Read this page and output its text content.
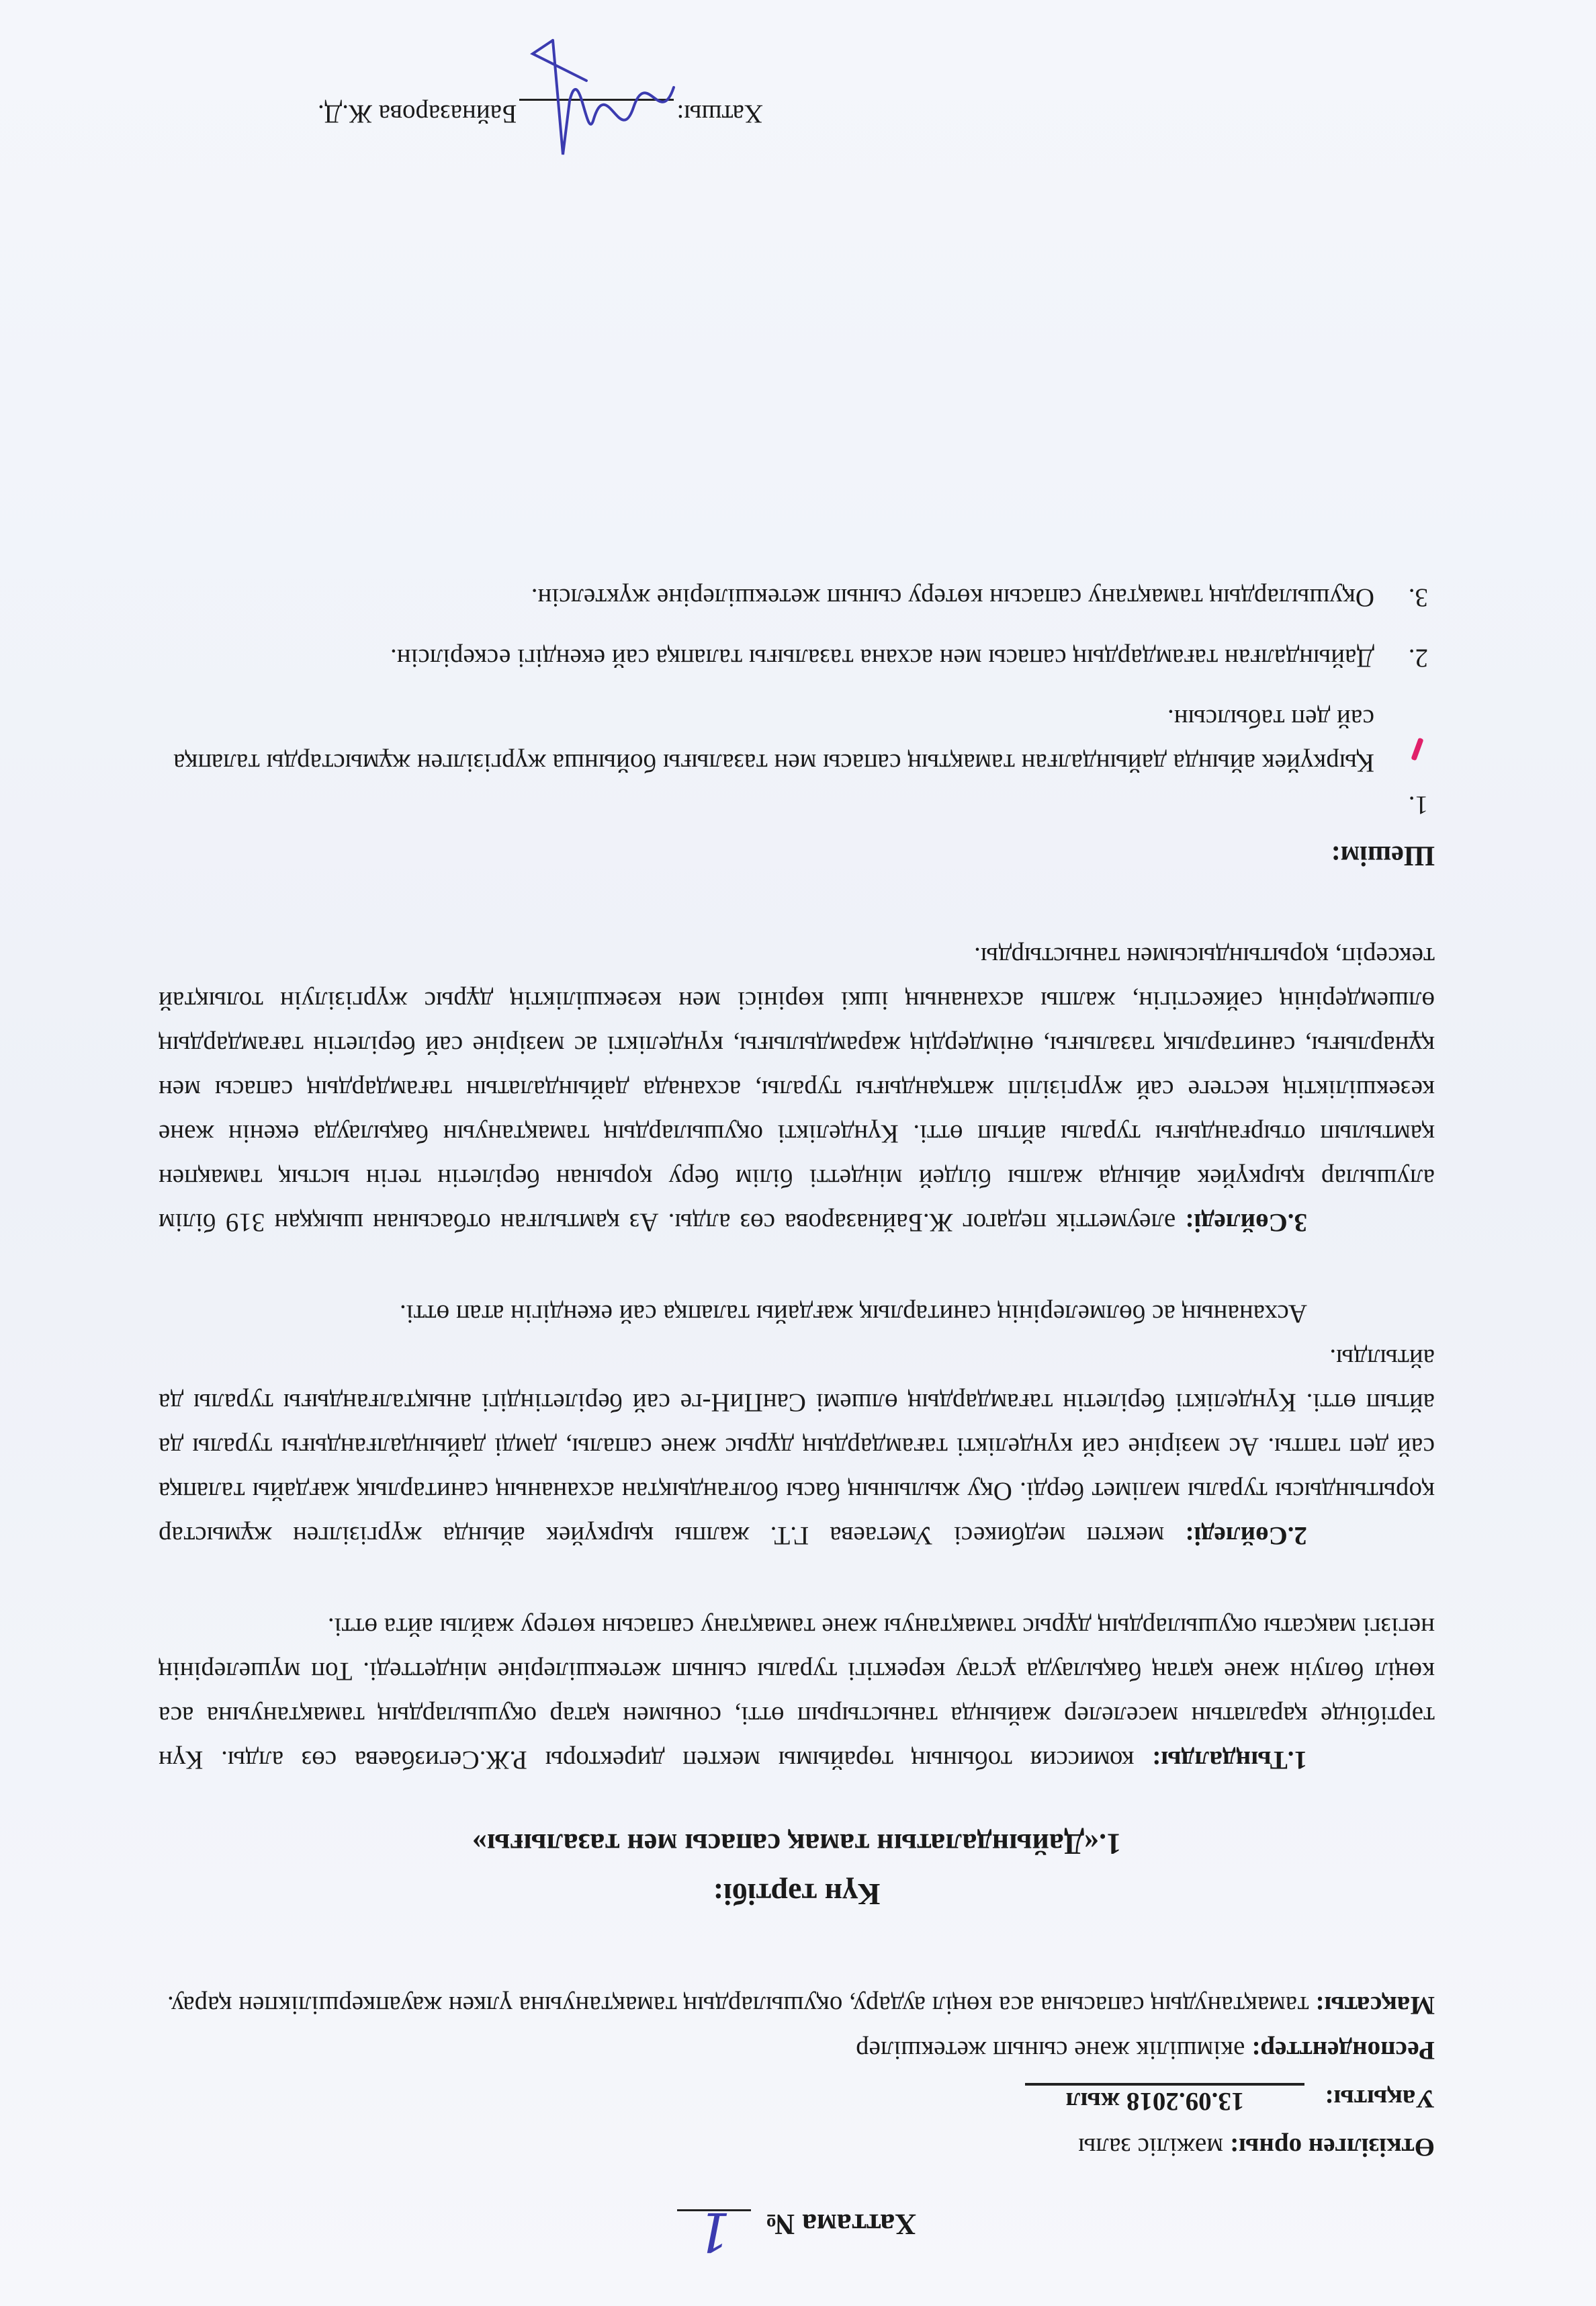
Хаттама №
1
Өткізілген орны:
мәжіліс залы
Уақыты:
13.09.2018 жыл
Респонденттер:
әкімшілік және сынып жетекшілер
Мақсаты: тамақтанудың сапасына аса көңіл аудару, оқушылардың тамақтануына үлкен жауапкершілікпен қарау.
Күн тәртібі:
1.«Дайындалатын тамақ сапасы мен тазалығы»
1.Тыңдалды: комиссия тобының төрайымы мектеп директоры Р.Ж.Сегизбаева сөз алды. Күн тәртібінде қаралатын мәселелер жайында таныстырып өтті, сонымен қатар оқушылардың тамақтануына аса көңіл бөлуін және қатаң бақылауда ұстау керектігі туралы сынып жетекшілеріне міндеттеді. Топ мүшелерінің негізгі мақсаты оқушылардың дұрыс тамақтануы және тамақтану сапасын көтеру жайлы айта өтті.
2.Сөйледі: мектеп медбикесі Уметаева Г.Т. жалпы қыркүйек айында жүргізілген жұмыстар қорытындысы туралы мәлімет берді. Оқу жылының басы болғандықтан асхананың санитарлық жағдайы талапқа сай деп тапты. Ас мәзіріне сай күнделікті тағамдардың дұрыс және сапалы, дәмді дайындалғандығы туралы да айтып өтті. Күнделікті берілетін тағамдардың өлшемі СанПиН-ге сай берілетіндігі анықталғандығы туралы да айтылды.
Асхананың ас бөлмелерінің санитарлық жағдайы талапқа сай екендігін атап өтті.
3.Сөйледі: әлеуметтік педагог Ж.Байназарова сөз алды. Аз қамтылған отбасынан шыққан 319 білім алушылар қыркүйек айында жалпы білдей міндетті білім беру қорынан берілетін тегін ыстық тамақпен қамтылып отырғандығы туралы айтып өтті. Күнделікті оқушылардың тамақтануын бақылауда екенін және кезекшіліктің кестеге сай жүргізіліп жатқандығы туралы, асханада дайындалатын тағамдардың сапасы мен құнарлығы, санитарлық тазалығы, өнімдердің жарамдылығы, күнделікті ас мәзіріне сай берілетін тағамдардың өлшемдерінің сәйкестігін, жалпы асхананың ішкі көрінісі мен кезекшіліктің дұрыс жүргізілуін толықтай тексеріп, қорытындысымен таныстырды.
Шешім:
1.
Қыркүйек айында дайындалған тамақтың сапасы мен тазалығы бойынша жүргізілген жұмыстарды талапқа сай деп табылсын.
2.
Дайындалған тағамдардың сапасы мен асхана тазалығы талапқа сай екендігі ескерілсін.
3.
Оқушылардың тамақтану сапасын көтеру сынып жетекшілеріне жүктелсін.
Хатшы:
Байназарова Ж.Д.
